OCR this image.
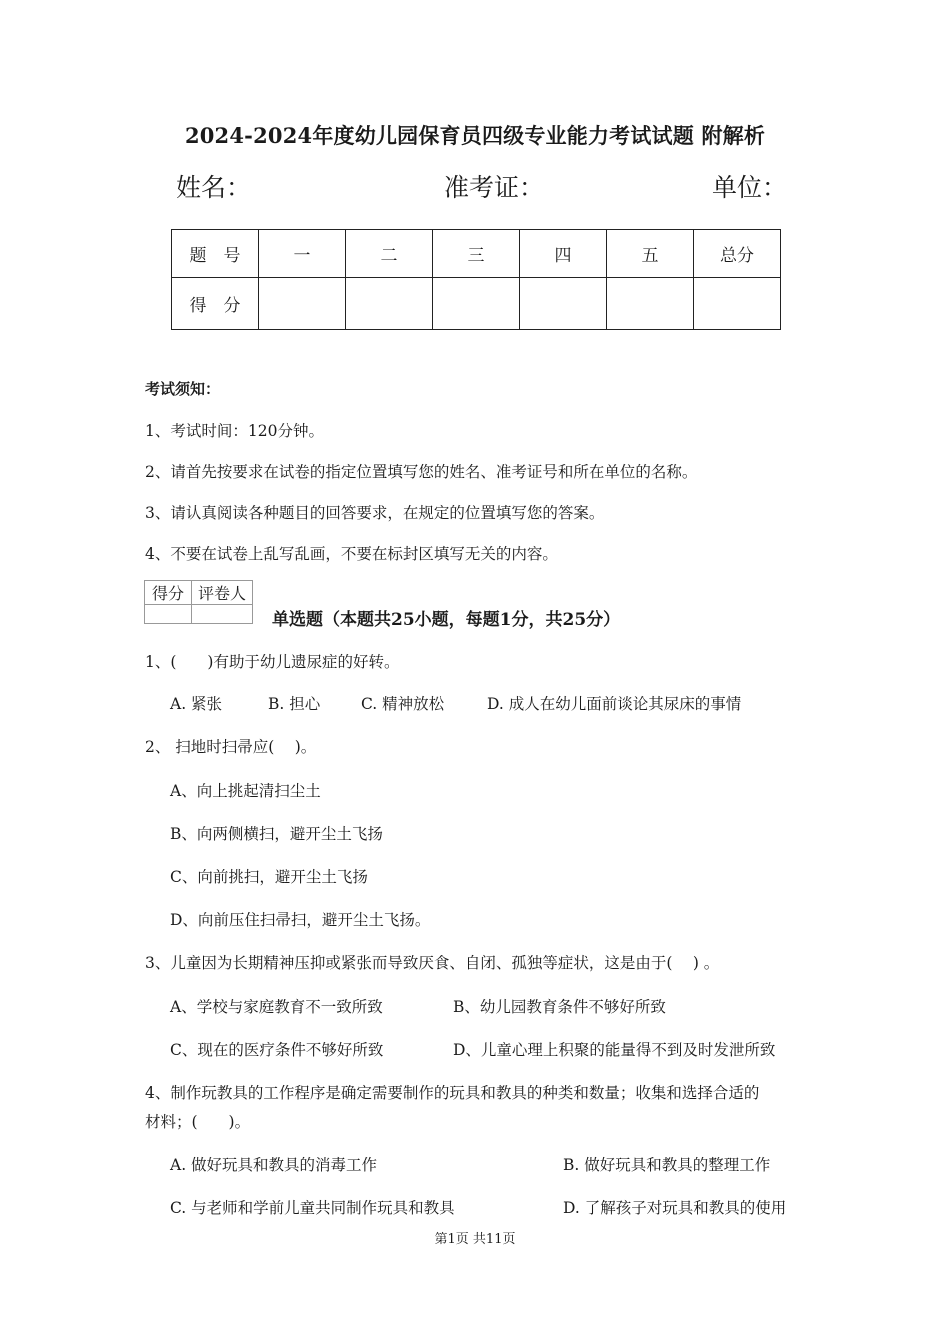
2024-2024年度幼儿园保育员四级专业能力考试试题 附解析
姓名：	准考证：	单位：
题　号	一	二	三	四	五	总分
得　分						
考试须知：
1、考试时间：120分钟。
2、请首先按要求在试卷的指定位置填写您的姓名、准考证号和所在单位的名称。
3、请认真阅读各种题目的回答要求，在规定的位置填写您的答案。
4、不要在试卷上乱写乱画，不要在标封区填写无关的内容。
得分	评卷人

单选题（本题共25小题，每题1分，共25分）
1、(　　)有助于幼儿遗尿症的好转。
A. 紧张	B. 担心	C. 精神放松	D. 成人在幼儿面前谈论其尿床的事情
2、 扫地时扫帚应(　 )。
A、向上挑起清扫尘土
B、向两侧横扫，避开尘土飞扬
C、向前挑扫，避开尘土飞扬
D、向前压住扫帚扫，避开尘土飞扬。
3、儿童因为长期精神压抑或紧张而导致厌食、自闭、孤独等症状，这是由于(　 ) 。
A、学校与家庭教育不一致所致	B、幼儿园教育条件不够好所致
C、现在的医疗条件不够好所致	D、儿童心理上积聚的能量得不到及时发泄所致
4、制作玩教具的工作程序是确定需要制作的玩具和教具的种类和数量；收集和选择合适的
材料；(　　)。
A. 做好玩具和教具的消毒工作	B. 做好玩具和教具的整理工作
C. 与老师和学前儿童共同制作玩具和教具	D. 了解孩子对玩具和教具的使用
第1页 共11页
